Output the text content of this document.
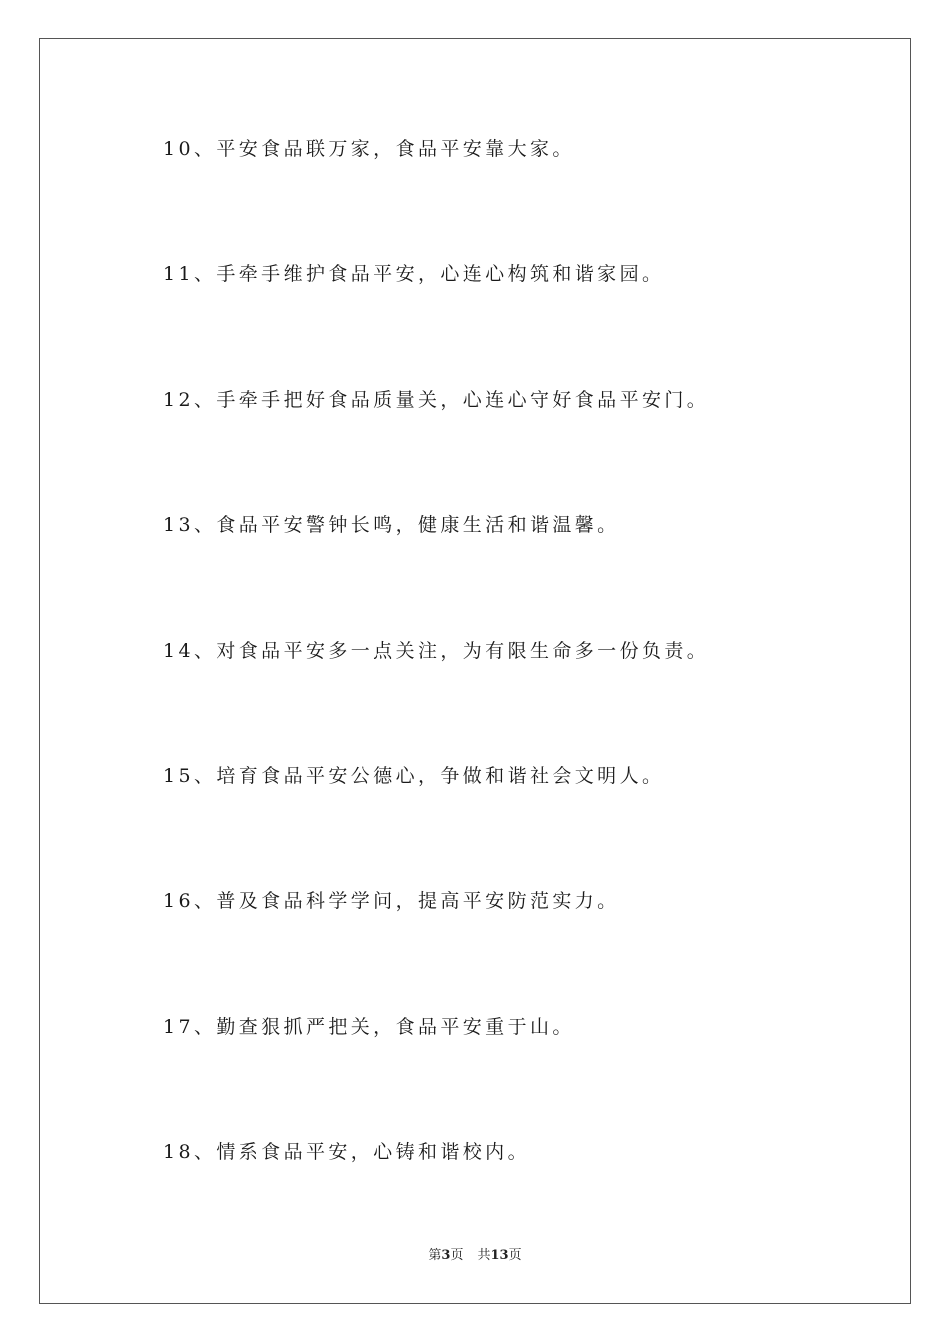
10、平安食品联万家，食品平安靠大家。
11、手牵手维护食品平安，心连心构筑和谐家园。
12、手牵手把好食品质量关，心连心守好食品平安门。
13、食品平安警钟长鸣，健康生活和谐温馨。
14、对食品平安多一点关注，为有限生命多一份负责。
15、培育食品平安公德心，争做和谐社会文明人。
16、普及食品科学学问，提高平安防范实力。
17、勤查狠抓严把关，食品平安重于山。
18、情系食品平安，心铸和谐校内。
第3页 共13页
